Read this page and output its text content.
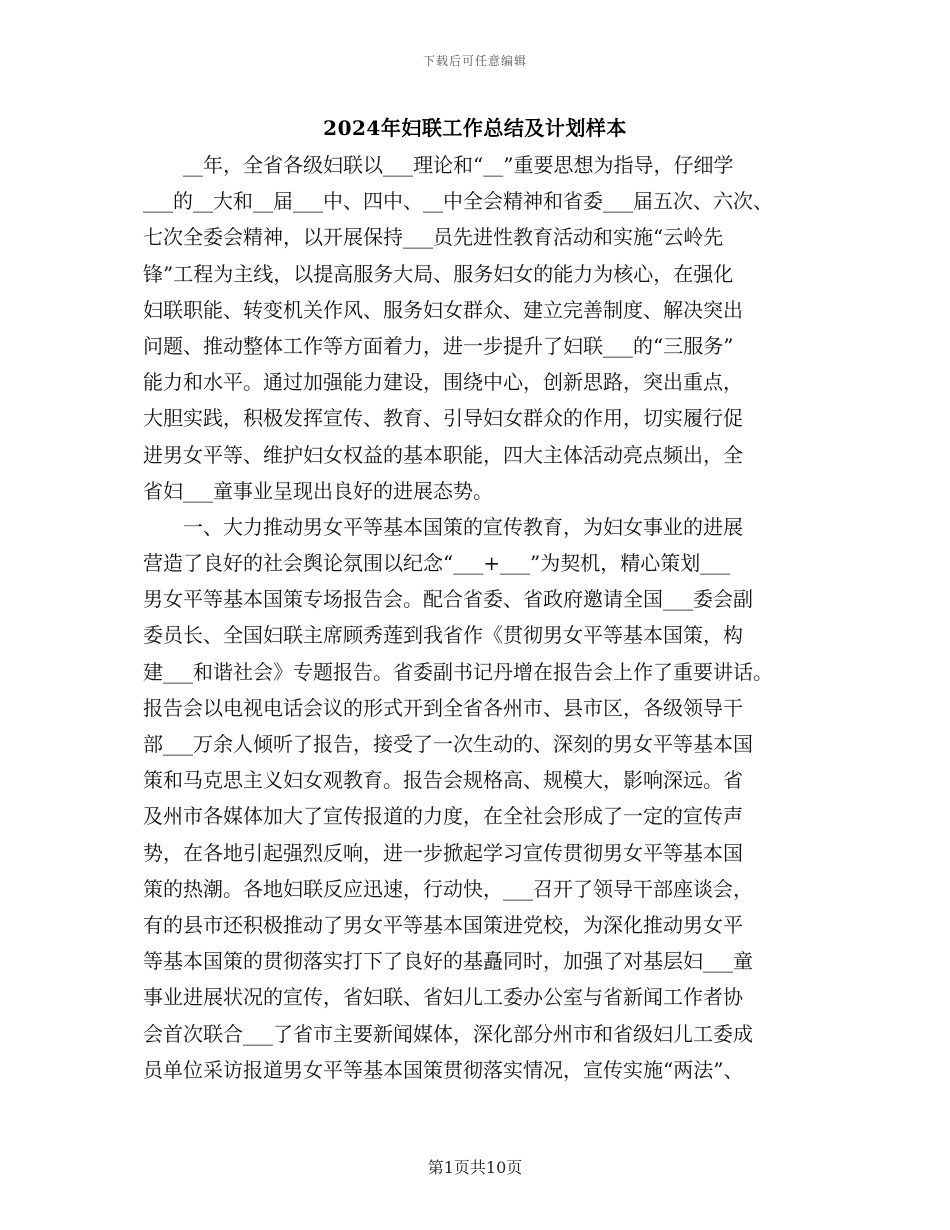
下载后可任意编辑
2024年妇联工作总结及计划样本
__年，全省各级妇联以___理论和“__”重要思想为指导，仔细学
___的__大和__届___中、四中、__中全会精神和省委___届五次、六次、
七次全委会精神，以开展保持___员先进性教育活动和实施“云岭先
锋”工程为主线，以提高服务大局、服务妇女的能力为核心，在强化
妇联职能、转变机关作风、服务妇女群众、建立完善制度、解决突出
问题、推动整体工作等方面着力，进一步提升了妇联___的“三服务”
能力和水平。通过加强能力建设，围绕中心，创新思路，突出重点，
大胆实践，积极发挥宣传、教育、引导妇女群众的作用，切实履行促
进男女平等、维护妇女权益的基本职能，四大主体活动亮点频出，全
省妇___童事业呈现出良好的进展态势。
一、大力推动男女平等基本国策的宣传教育，为妇女事业的进展
营造了良好的社会舆论氛围以纪念“___+___”为契机，精心策划___
男女平等基本国策专场报告会。配合省委、省政府邀请全国___委会副
委员长、全国妇联主席顾秀莲到我省作《贯彻男女平等基本国策，构
建___和谐社会》专题报告。省委副书记丹增在报告会上作了重要讲话。
报告会以电视电话会议的形式开到全省各州市、县市区，各级领导干
部___万余人倾听了报告，接受了一次生动的、深刻的男女平等基本国
策和马克思主义妇女观教育。报告会规格高、规模大，影响深远。省
及州市各媒体加大了宣传报道的力度，在全社会形成了一定的宣传声
势，在各地引起强烈反响，进一步掀起学习宣传贯彻男女平等基本国
策的热潮。各地妇联反应迅速，行动快，___召开了领导干部座谈会，
有的县市还积极推动了男女平等基本国策进党校，为深化推动男女平
等基本国策的贯彻落实打下了良好的基矗同时，加强了对基层妇___童
事业进展状况的宣传，省妇联、省妇儿工委办公室与省新闻工作者协
会首次联合___了省市主要新闻媒体，深化部分州市和省级妇儿工委成
员单位采访报道男女平等基本国策贯彻落实情况，宣传实施“两法”、
第1页共10页
